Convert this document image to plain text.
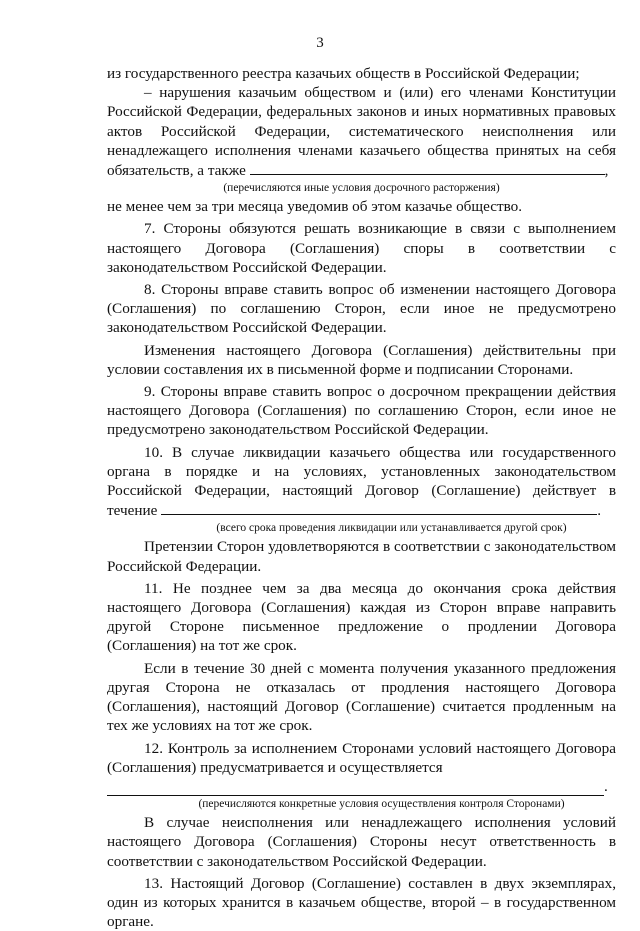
3

из государственного реестра казачьих обществ в Российской Федерации;

– нарушения казачьим обществом и (или) его членами Конституции Российской Федерации, федеральных законов и иных нормативных правовых актов Российской Федерации, систематического неисполнения или ненадлежащего исполнения членами казачьего общества принятых на себя обязательств, а также	,

(перечисляются иные условия досрочного расторжения)

не менее чем за три месяца уведомив об этом казачье общество.

7. Стороны обязуются решать возникающие в связи с выполнением настоящего Договора (Соглашения) споры в соответствии с законодательством Российской Федерации.

8. Стороны вправе ставить вопрос об изменении настоящего Договора (Соглашения) по соглашению Сторон, если иное не предусмотрено законодательством Российской Федерации.

Изменения настоящего Договора (Соглашения) действительны при условии составления их в письменной форме и подписании Сторонами.

9. Стороны вправе ставить вопрос о досрочном прекращении действия настоящего Договора (Соглашения) по соглашению Сторон, если иное не предусмотрено законодательством Российской Федерации.

10. В случае ликвидации казачьего общества или государственного органа в порядке и на условиях, установленных законодательством Российской Федерации, настоящий Договор (Соглашение) действует в течение	.

(всего срока проведения ликвидации или устанавливается другой срок)

Претензии Сторон удовлетворяются в соответствии с законодательством Российской Федерации.

11. Не позднее чем за два месяца до окончания срока действия настоящего Договора (Соглашения) каждая из Сторон вправе направить другой Стороне письменное предложение о продлении Договора (Соглашения) на тот же срок.

Если в течение 30 дней с момента получения указанного предложения другая Сторона не отказалась от продления настоящего Договора (Соглашения), настоящий Договор (Соглашение) считается продленным на тех же условиях на тот же срок.

12. Контроль за исполнением Сторонами условий настоящего Договора (Соглашения) предусматривается и осуществляется

.

(перечисляются конкретные условия осуществления контроля Сторонами)

В случае неисполнения или ненадлежащего исполнения условий настоящего Договора (Соглашения) Стороны несут ответственность в соответствии с законодательством Российской Федерации.

13. Настоящий Договор (Соглашение) составлен в двух экземплярах, один из которых хранится в казачьем обществе, второй – в государственном органе.
